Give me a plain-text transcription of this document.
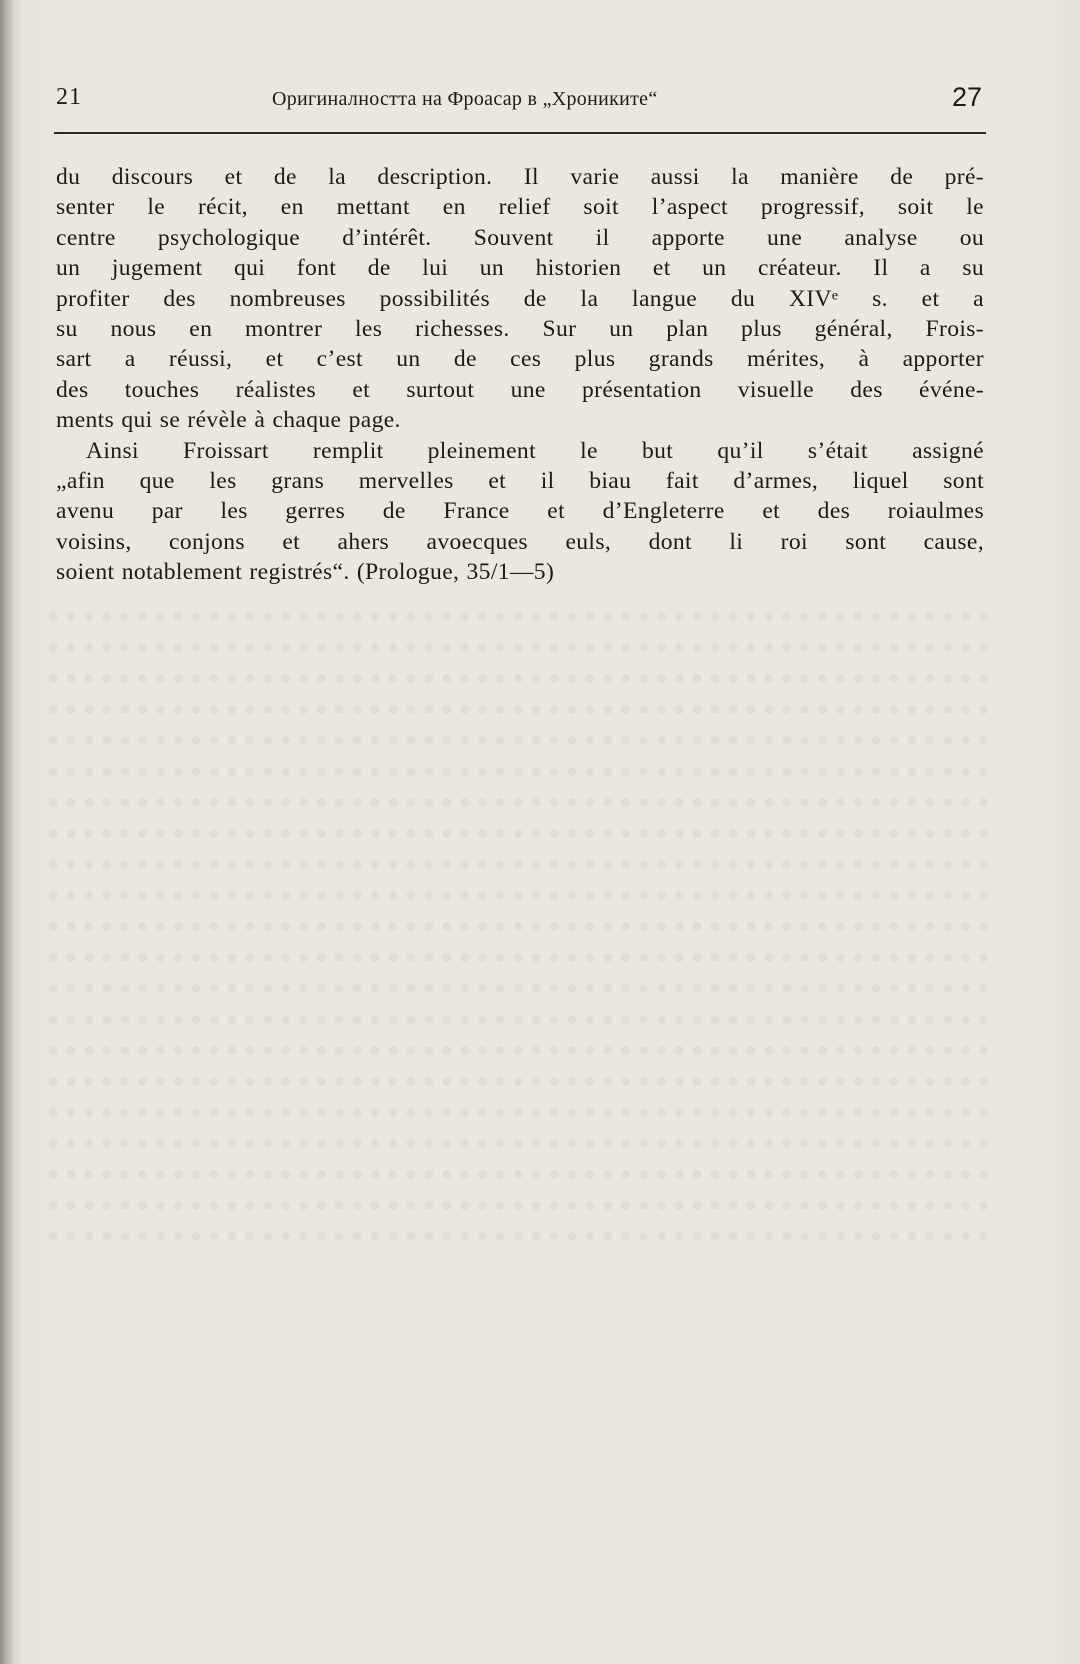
21	Оригиналността на Фроасар в „Хрониките“	27
du discours et de la description. Il varie aussi la manière de pré-
senter le récit, en mettant en relief soit l’aspect progressif, soit le
centre psychologique d’intérêt. Souvent il apporte une analyse ou
un jugement qui font de lui un historien et un créateur. Il a su
profiter des nombreuses possibilités de la langue du XIVᵉ s. et a
su nous en montrer les richesses. Sur un plan plus général, Frois-
sart a réussi, et c’est un de ces plus grands mérites, à apporter
des touches réalistes et surtout une présentation visuelle des événe-
ments qui se révèle à chaque page.
Ainsi Froissart remplit pleinement le but qu’il s’était assigné
„afin que les grans mervelles et il biau fait d’armes, liquel sont
avenu par les gerres de France et d’Engleterre et des roiaulmes
voisins, conjons et ahers avoecques euls, dont li roi sont cause,
soient notablement registrés“. (Prologue, 35/1—5)
